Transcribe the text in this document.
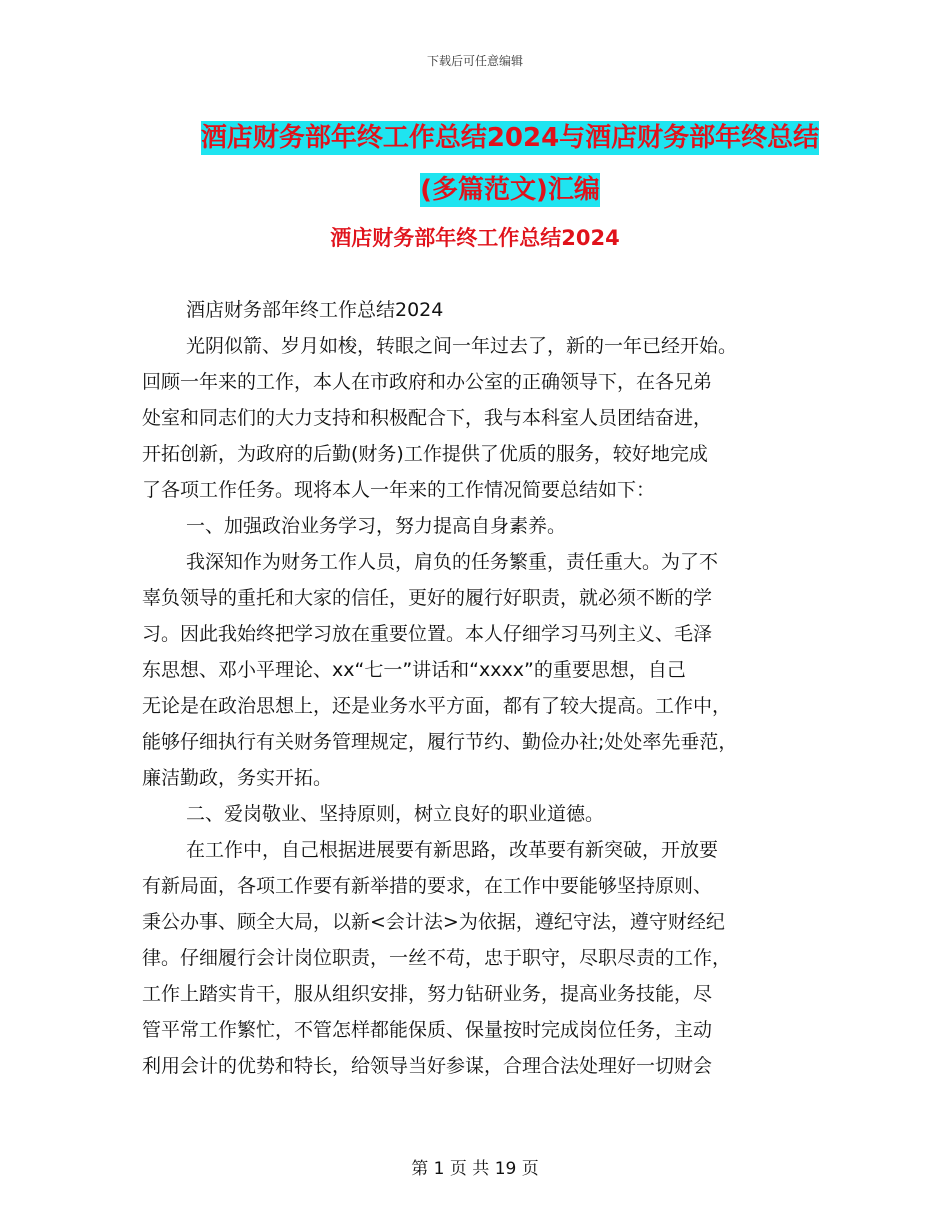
下载后可任意编辑
酒店财务部年终工作总结2024与酒店财务部年终总结
(多篇范文)汇编
酒店财务部年终工作总结2024
酒店财务部年终工作总结2024
光阴似箭、岁月如梭，转眼之间一年过去了，新的一年已经开始。
回顾一年来的工作，本人在市政府和办公室的正确领导下，在各兄弟
处室和同志们的大力支持和积极配合下，我与本科室人员团结奋进，
开拓创新，为政府的后勤(财务)工作提供了优质的服务，较好地完成
了各项工作任务。现将本人一年来的工作情况简要总结如下：
一、加强政治业务学习，努力提高自身素养。
我深知作为财务工作人员，肩负的任务繁重，责任重大。为了不
辜负领导的重托和大家的信任，更好的履行好职责，就必须不断的学
习。因此我始终把学习放在重要位置。本人仔细学习马列主义、毛泽
东思想、邓小平理论、xx“七一”讲话和“xxxx”的重要思想，自己
无论是在政治思想上，还是业务水平方面，都有了较大提高。工作中，
能够仔细执行有关财务管理规定，履行节约、勤俭办社;处处率先垂范，
廉洁勤政，务实开拓。
二、爱岗敬业、坚持原则，树立良好的职业道德。
在工作中，自己根据进展要有新思路，改革要有新突破，开放要
有新局面，各项工作要有新举措的要求，在工作中要能够坚持原则、
秉公办事、顾全大局，以新<会计法>为依据，遵纪守法，遵守财经纪
律。仔细履行会计岗位职责，一丝不苟，忠于职守，尽职尽责的工作，
工作上踏实肯干，服从组织安排，努力钻研业务，提高业务技能，尽
管平常工作繁忙，不管怎样都能保质、保量按时完成岗位任务，主动
利用会计的优势和特长，给领导当好参谋，合理合法处理好一切财会
第 1 页 共 19 页
